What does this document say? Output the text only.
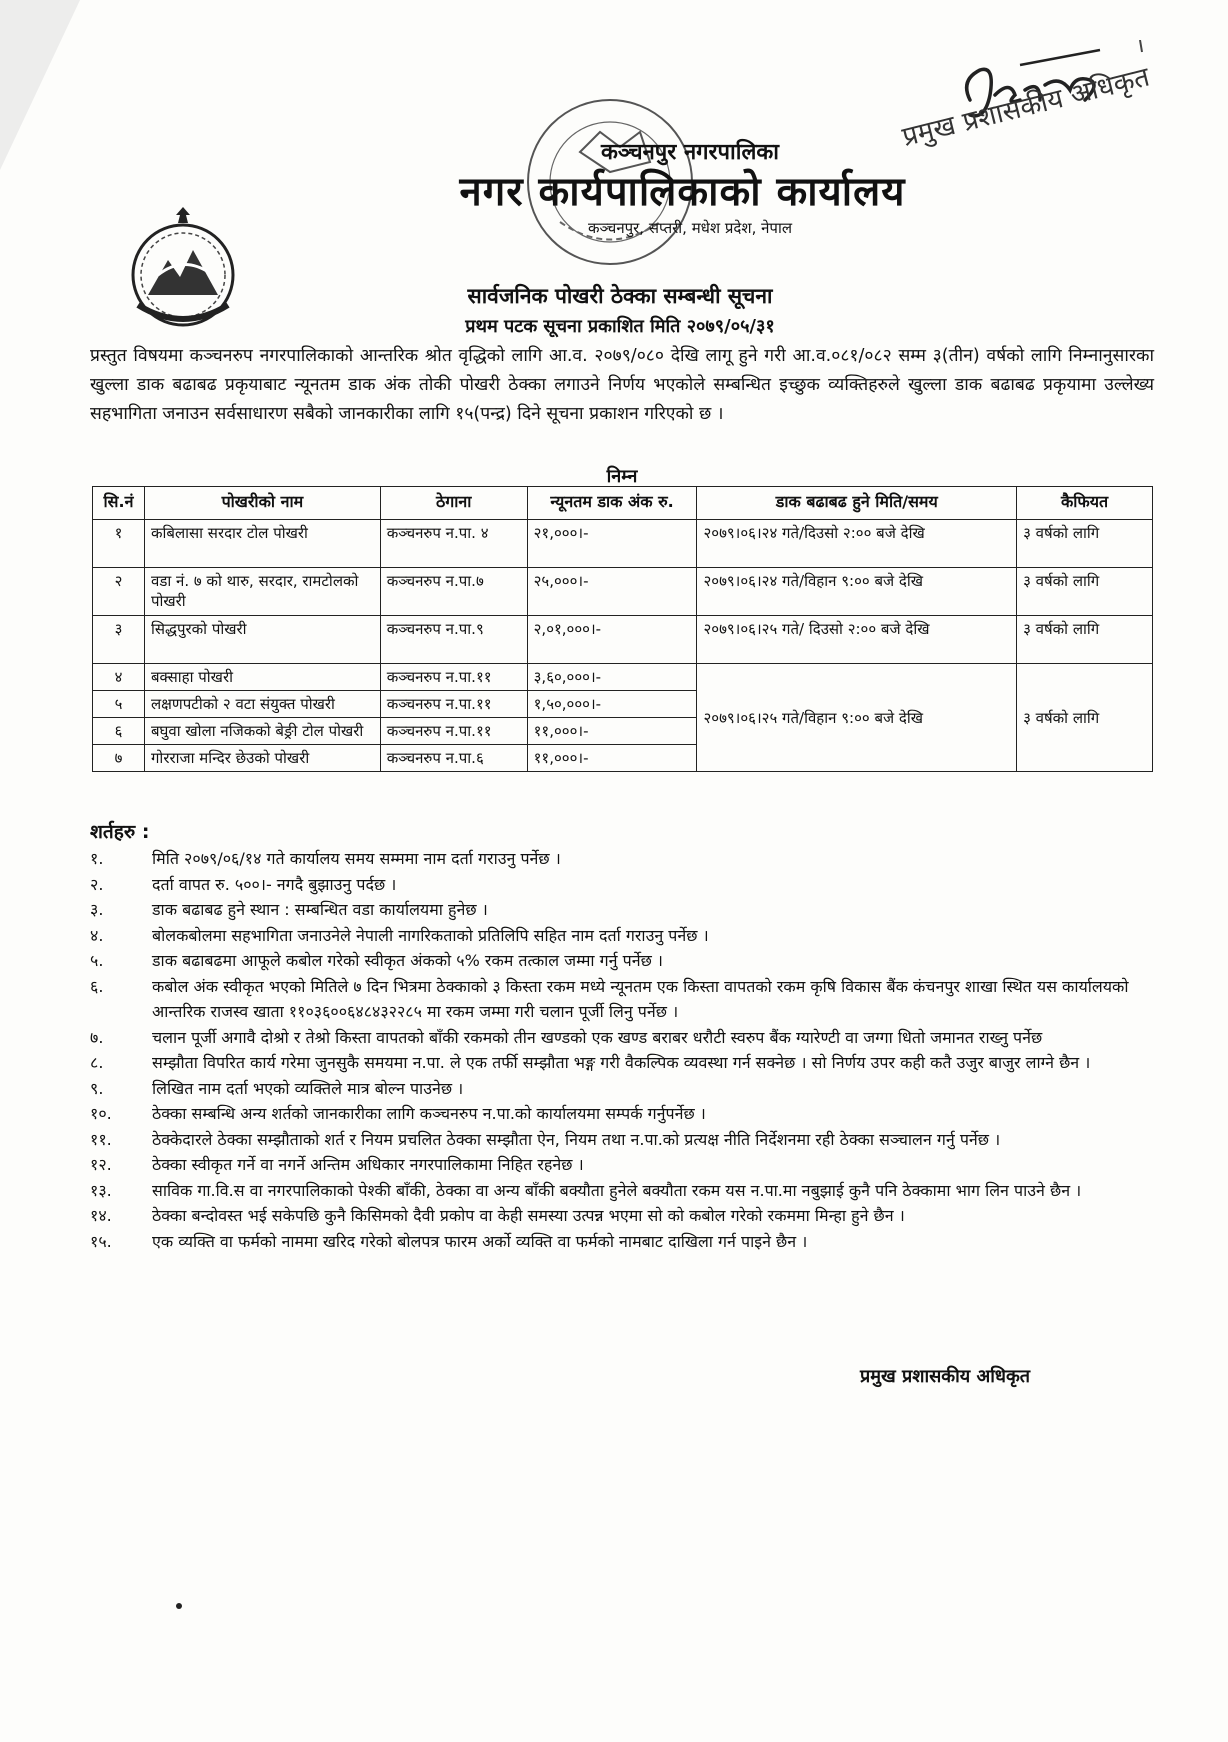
कञ्चनपुर नगरपालिका
नगर कार्यपालिकाको कार्यालय
कञ्चनपुर, सप्तरी, मधेश प्रदेश, नेपाल
प्रमुख प्रशासकीय अधिकृत
सार्वजनिक पोखरी ठेक्का सम्बन्धी सूचना
प्रथम पटक सूचना प्रकाशित मिति २०७९/०५/३१
प्रस्तुत विषयमा कञ्चनरुप नगरपालिकाको आन्तरिक श्रोत वृद्धिको लागि आ.व. २०७९/०८० देखि लागू हुने गरी आ.व.०८१/०८२ सम्म ३(तीन) वर्षको लागि निम्नानुसारका खुल्ला डाक बढाबढ प्रकृयाबाट न्यूनतम डाक अंक तोकी पोखरी ठेक्का लगाउने निर्णय भएकोले सम्बन्धित इच्छुक व्यक्तिहरुले खुल्ला डाक बढाबढ प्रकृयामा उल्लेख्य सहभागिता जनाउन सर्वसाधारण सबैको जानकारीका लागि १५(पन्द्र) दिने सूचना प्रकाशन गरिएको छ ।
निम्न
सि.नं	पोखरीको नाम	ठेगाना	न्यूनतम डाक अंक रु.	डाक बढाबढ हुने मिति/समय	कैफियत
१	कबिलासा सरदार टोल पोखरी	कञ्चनरुप न.पा. ४	२१,०००।-	२०७९।०६।२४ गते/दिउसो २:०० बजे देखि	३ वर्षको लागि
२	वडा नं. ७ को थारु, सरदार, रामटोलको पोखरी	कञ्चनरुप न.पा.७	२५,०००।-	२०७९।०६।२४ गते/विहान ९:०० बजे देखि	३ वर्षको लागि
३	सिद्धपुरको पोखरी	कञ्चनरुप न.पा.९	२,०१,०००।-	२०७९।०६।२५ गते/ दिउसो २:०० बजे देखि	३ वर्षको लागि
४	बक्साहा पोखरी	कञ्चनरुप न.पा.११	३,६०,०००।-	२०७९।०६।२५ गते/विहान ९:०० बजे देखि	३ वर्षको लागि
५	लक्षणपटीको २ वटा संयुक्त पोखरी	कञ्चनरुप न.पा.११	१,५०,०००।-		
६	बघुवा खोला नजिकको बेङ्री टोल पोखरी	कञ्चनरुप न.पा.११	११,०००।-		
७	गोरराजा मन्दिर छेउको पोखरी	कञ्चनरुप न.पा.६	११,०००।-		
शर्तहरु :
१.	मिति २०७९/०६/१४ गते कार्यालय समय सम्ममा नाम दर्ता गराउनु पर्नेछ ।
२.	दर्ता वापत रु. ५००।- नगदै बुझाउनु पर्दछ ।
३.	डाक बढाबढ हुने स्थान : सम्बन्धित वडा कार्यालयमा हुनेछ ।
४.	बोलकबोलमा सहभागिता जनाउनेले नेपाली नागरिकताको प्रतिलिपि सहित नाम दर्ता गराउनु पर्नेछ ।
५.	डाक बढाबढमा आफूले कबोल गरेको स्वीकृत अंकको ५% रकम तत्काल जम्मा गर्नु पर्नेछ ।
६.	कबोल अंक स्वीकृत भएको मितिले ७ दिन भित्रमा ठेक्काको ३ किस्ता रकम मध्ये न्यूनतम एक किस्ता वापतको रकम कृषि विकास बैंक कंचनपुर शाखा स्थित यस कार्यालयको आन्तरिक राजस्व खाता ११०३६००६४८४३२२८५ मा रकम जम्मा गरी चलान पूर्जी लिनु पर्नेछ ।
७.	चलान पूर्जी अगावै दोश्रो र तेश्रो किस्ता वापतको बाँकी रकमको तीन खण्डको एक खण्ड बराबर धरौटी स्वरुप बैंक ग्यारेण्टी वा जग्गा धितो जमानत राख्नु पर्नेछ
८.	सम्झौता विपरित कार्य गरेमा जुनसुकै समयमा न.पा. ले एक तर्फी सम्झौता भङ्ग गरी वैकल्पिक व्यवस्था गर्न सक्नेछ । सो निर्णय उपर कही कतै उजुर बाजुर लाग्ने छैन ।
९.	लिखित नाम दर्ता भएको व्यक्तिले मात्र बोल्न पाउनेछ ।
१०.	ठेक्का सम्बन्धि अन्य शर्तको जानकारीका लागि कञ्चनरुप न.पा.को कार्यालयमा सम्पर्क गर्नुपर्नेछ ।
११.	ठेक्केदारले ठेक्का सम्झौताको शर्त र नियम प्रचलित ठेक्का सम्झौता ऐन, नियम तथा न.पा.को प्रत्यक्ष नीति निर्देशनमा रही ठेक्का सञ्चालन गर्नु पर्नेछ ।
१२.	ठेक्का स्वीकृत गर्ने वा नगर्ने अन्तिम अधिकार नगरपालिकामा निहित रहनेछ ।
१३.	साविक गा.वि.स वा नगरपालिकाको पेश्की बाँकी, ठेक्का वा अन्य बाँकी बक्यौता हुनेले बक्यौता रकम यस न.पा.मा नबुझाई कुनै पनि ठेक्कामा भाग लिन पाउने छैन ।
१४.	ठेक्का बन्दोवस्त भई सकेपछि कुनै किसिमको दैवी प्रकोप वा केही समस्या उत्पन्न भएमा सो को कबोल गरेको रकममा मिन्हा हुने छैन ।
१५.	एक व्यक्ति वा फर्मको नाममा खरिद गरेको बोलपत्र फारम अर्को व्यक्ति वा फर्मको नामबाट दाखिला गर्न पाइने छैन ।
प्रमुख प्रशासकीय अधिकृत
